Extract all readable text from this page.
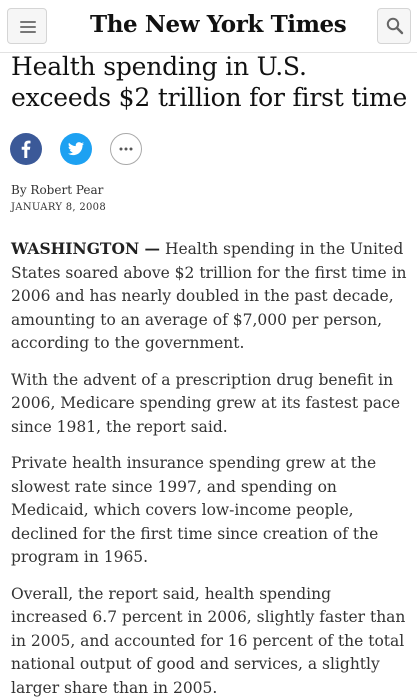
The New York Times
Health spending in U.S. exceeds $2 trillion for first time
By Robert Pear
JANUARY 8, 2008

WASHINGTON — Health spending in the United States soared above $2 trillion for the first time in 2006 and has nearly doubled in the past decade, amounting to an average of $7,000 per person, according to the government.

With the advent of a prescription drug benefit in 2006, Medicare spending grew at its fastest pace since 1981, the report said.

Private health insurance spending grew at the slowest rate since 1997, and spending on Medicaid, which covers low-income people, declined for the first time since creation of the program in 1965.

Overall, the report said, health spending increased 6.7 percent in 2006, slightly faster than in 2005, and accounted for 16 percent of the total national output of good and services, a slightly larger share than in 2005.
